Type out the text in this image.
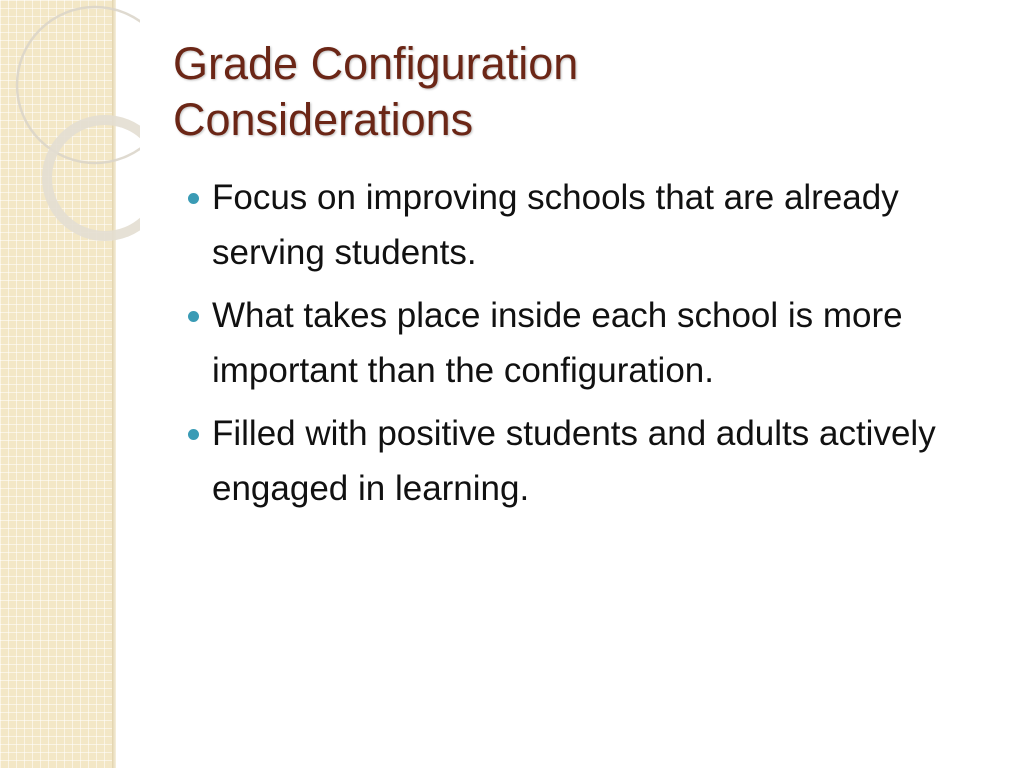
Grade Configuration
Considerations
Focus on improving schools that are already serving students.
What takes place inside each school is more important than the configuration.
Filled with positive students and adults actively engaged in learning.
